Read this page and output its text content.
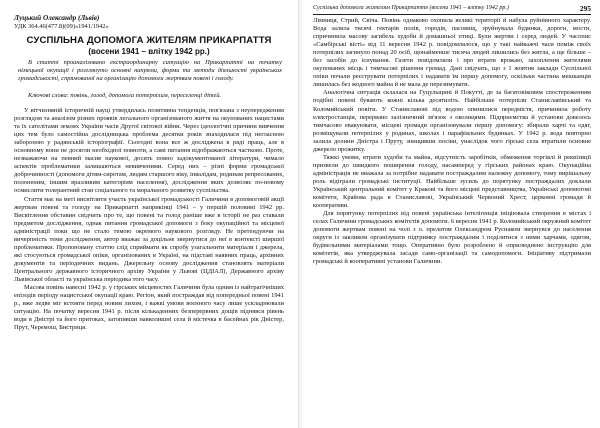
Луцький Олександр (Львів)
УДК 364.46(477.8)(09)«1941/1942»
СУСПІЛЬНА ДОПОМОГА ЖИТЕЛЯМ ПРИКАРПАТТЯ
(восени 1941 – влітку 1942 рр.)

В статті проаналізовано екстраординарну ситуацію на Прикарпатті на початку німецької окупації і розглянуто основні напрями, форми та методи діяльності українських громадськості, спрямованої на організацію допомоги жертвам повені і голоду.

Ключові слова: повінь, голод, допомога потерпілим, переселенці дітей.

У вітчизняній історичній науці утвердилась позитивна тенденція, пов'язана з неупередженим розглядом та аналізом різних проявів легального організованого життя на окупованих нацистами та їх сателітами землях України часів Другої світової війни. Через ідеологічні причини вивчення цих тем було самостійна дослідницька проблема десятки років знаходилася під негласною забороною у радянській історіографії. Сьогодні вона все ж досліджена в ряді праць, але в основному вони не досягли необхідної повноти, а самі питання відображаються частково. Проте, незважаючи на певний масив наукової, досить повно задокументованої літератури, чимало аспектів проблематики залишаються невивченими. Серед них – різні форми громадської доброчинності (допомоги дітям-сиротам, людям старшого віку, інвалідам, родинам репресованих, полоненим, іншим вразливим категоріям населення), дослідження яких дозволяє по-новому осмислити толерантний стан соціального та морального розвитку суспільства.

Стаття має на меті висвітлити участь української громадськості Галичини в допомоговій акції жертвам повені та голоду на Прикарпатті наприкінці 1941 – у першій половині 1942 рр. Висвітлення обставин свідчить про те, що повені та голод раніше вже в історії не раз ставали предметом дослідження, однак питання громадської допомоги з боку окупаційної та місцевої адміністрації поки що не стало темою окремого наукового розгляду. Не претендуючи на вичерпність теми дослідження, автор вважає за доцільне звернутися до неї в контексті ширшої проблематики. Пропоновану статтю слід сприймати як спробу узагальнити матеріали і джерела, які стосуються громадської опіки, організованих в Україні, на підставі наявних праць, архівних документів та періодичних видань. Джерельну основу дослідження становлять матеріали Центрального державного історичного архіву України у Львові (ЦДІАЛ), Державного архіву Львівської області та українська періодика того часу.

Масова повінь навесні 1942 р. у гірських місцевостях Галичини була одним із найтрагічніших епізодів періоду нацистської окупації краю. Регіон, який постраждав від попередньої повені 1941 р., вже ледве міг встояти перед новим лихом, і важкі умови воєнного часу лише ускладнювали ситуацію. На початку вересня 1941 р. після кількаденних безперервних дощів піднявся рівень води в Дністрі та його притоках, затопивши навколишні села й містечка в басейнах рік Дністер, Прут, Черемош, Бистриця.

Суспільна допомога жителям Прикарпаття (восени 1941 – влітку 1942 рр.)	295

Лімниця, Стрий, Свіча. Повінь однаково охопила великі території й набула руйнівного характеру. Вода залила тисячі гектарів полів, городів, пасовищ, зруйнувала будинки, дороги, мости, спричинила масову загибель худоби й домашньої птиці. Були жертви і серед людей. У часопис «Самбірські вісті» від 11 вересня 1942 р. повідомлялося, що у такі найважчі часи поміж своїх потерпілих загинуло понад 20 осіб, щонайменше тисяча людей лишились без житла, а ще більше – без засобів до існування. Газети повідомляли і про втрати врожаю, захоплення жителями окупованих місць і тимчасові рішення громад. Дані свідчать, що з 1 жовтня заклади Суспільної опіки почали реєструвати потерпілих і надавати їм першу допомогу, оскільки частина мешканців лишилась без жодного майна й не мала де перезимувати.

Аналогічна ситуація склалася на Гуцульщині й Покутті, де за багатовіковим спостереженням подібні повені бувають кожні кілька десятиліть. Найбільше потерпіли Станиславівський та Коломийський повіти. У Станиславові під водою опинилися передмістя, причинила роботу електростанція, перервано залізничний зв'язок з околицями. Підприємства й установи довелось тимчасово евакуювати, місцеві громади організовували першу допомогу: збирали харчі та одяг, розміщували потерпілих у родинах, школах і парафіяльних будинках. У 1942 р. вода повторно залила долини Дністра і Пруту, знищивши посіви, унаслідок чого гірські села втратили основне джерело прожитку.

Тяжкі умови, втрати худоби та майна, відсутність заробітків, обмеження торгівлі й реквізиції призвели до швидкого поширення голоду, насамперед у гірських районах краю. Окупаційна адміністрація не вважала за потрібне надавати постраждалим належну допомогу, тому вирішальну роль відіграли громадські інституції. Найбільше зусиль до порятунку постраждалих доклали Український центральний комітет у Кракові та його місцеві представництва, Українські допомогові комітети, Крайова рада в Станиславові, Український Червоний Хрест, церковні громади й кооперативи.

Для порятунку потерпілих від повені українська інтелігенція ініціювала створення в містах і селах Галичини громадських комітетів допомоги. 6 вересня 1941 р. Коломийський окружний комітет допомоги жертвам повені на чолі з о. прелатом Олександром Руснаком звернувся до населення округи із закликом організувати підтримку постраждалим і поділитися з ними харчами, одягом, будівельними матеріалами тощо. Оперативно було розроблено й оприлюднено інструкцію для комітетів, яка утверджувала засади само-організації та самодопомоги. Ініціативу підтримали громадські й кооперативні установи Галичини.
